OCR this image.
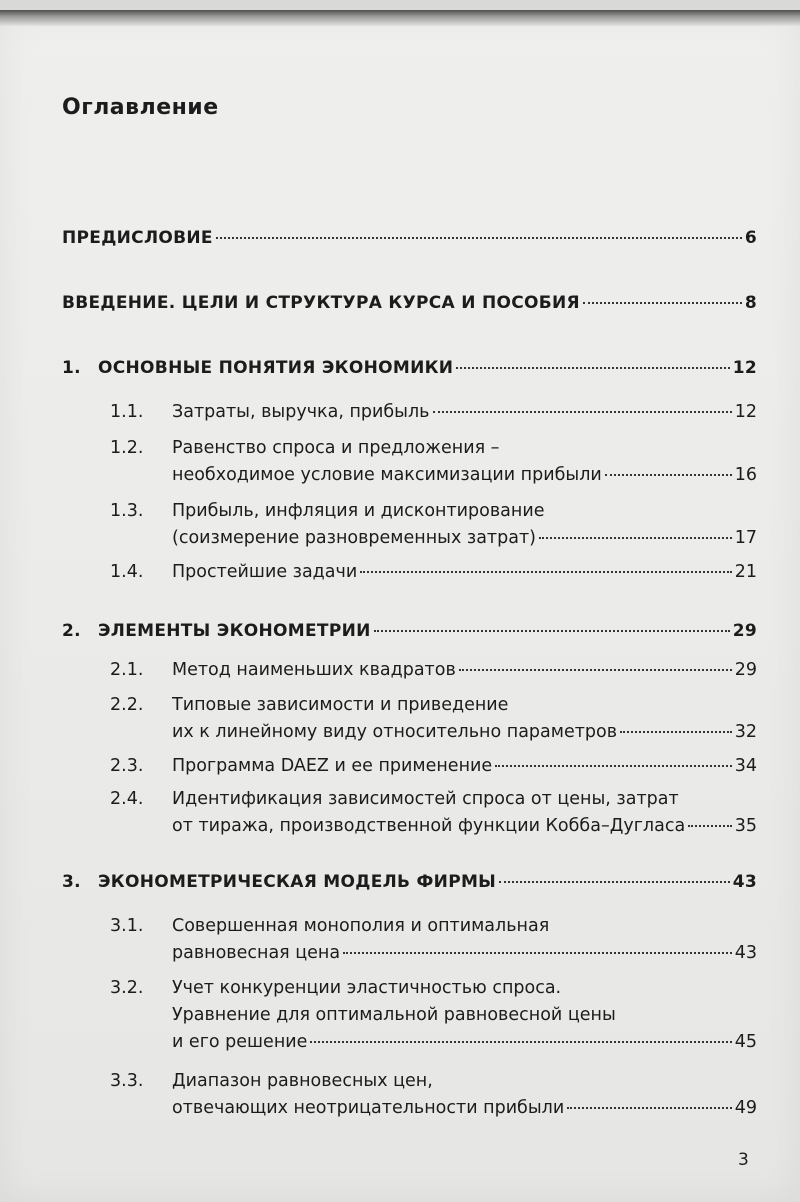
Оглавление
ПРЕДИСЛОВИЕ	6
ВВЕДЕНИЕ. ЦЕЛИ И СТРУКТУРА КУРСА И ПОСОБИЯ	8
1. ОСНОВНЫЕ ПОНЯТИЯ ЭКОНОМИКИ	12
1.1. Затраты, выручка, прибыль	12
1.2. Равенство спроса и предложения –
необходимое условие максимизации прибыли	16
1.3. Прибыль, инфляция и дисконтирование
(соизмерение разновременных затрат)	17
1.4. Простейшие задачи	21
2. ЭЛЕМЕНТЫ ЭКОНОМЕТРИИ	29
2.1. Метод наименьших квадратов	29
2.2. Типовые зависимости и приведение
их к линейному виду относительно параметров	32
2.3. Программа DAEZ и ее применение	34
2.4. Идентификация зависимостей спроса от цены, затрат
от тиража, производственной функции Кобба–Дугласа	35
3. ЭКОНОМЕТРИЧЕСКАЯ МОДЕЛЬ ФИРМЫ	43
3.1. Совершенная монополия и оптимальная
равновесная цена	43
3.2. Учет конкуренции эластичностью спроса.
Уравнение для оптимальной равновесной цены
и его решение	45
3.3. Диапазон равновесных цен,
отвечающих неотрицательности прибыли	49
3
